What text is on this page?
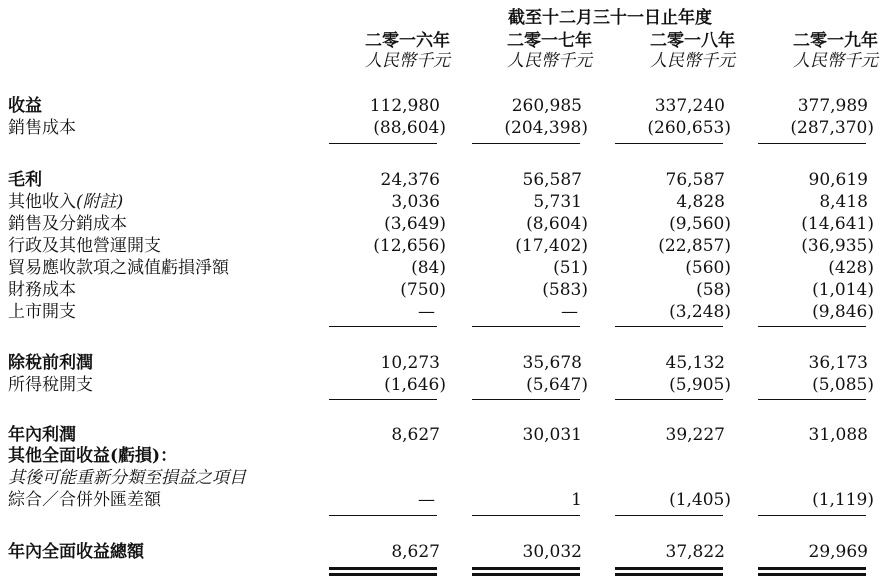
截至十二月三十一日止年度
二零一六年	二零一七年	二零一八年	二零一九年
人民幣千元	人民幣千元	人民幣千元	人民幣千元
收益	112,980	260,985	337,240	377,989
銷售成本	(88,604)	(204,398)	(260,653)	(287,370)
毛利	24,376	56,587	76,587	90,619
其他收入(附註)	3,036	5,731	4,828	8,418
銷售及分銷成本	(3,649)	(8,604)	(9,560)	(14,641)
行政及其他營運開支	(12,656)	(17,402)	(22,857)	(36,935)
貿易應收款項之減值虧損淨額	(84)	(51)	(560)	(428)
財務成本	(750)	(583)	(58)	(1,014)
上市開支	—	—	(3,248)	(9,846)
除稅前利潤	10,273	35,678	45,132	36,173
所得稅開支	(1,646)	(5,647)	(5,905)	(5,085)
年內利潤	8,627	30,031	39,227	31,088
其他全面收益(虧損)：
其後可能重新分類至損益之項目
綜合／合併外匯差額	—	1	(1,405)	(1,119)
年內全面收益總額	8,627	30,032	37,822	29,969
